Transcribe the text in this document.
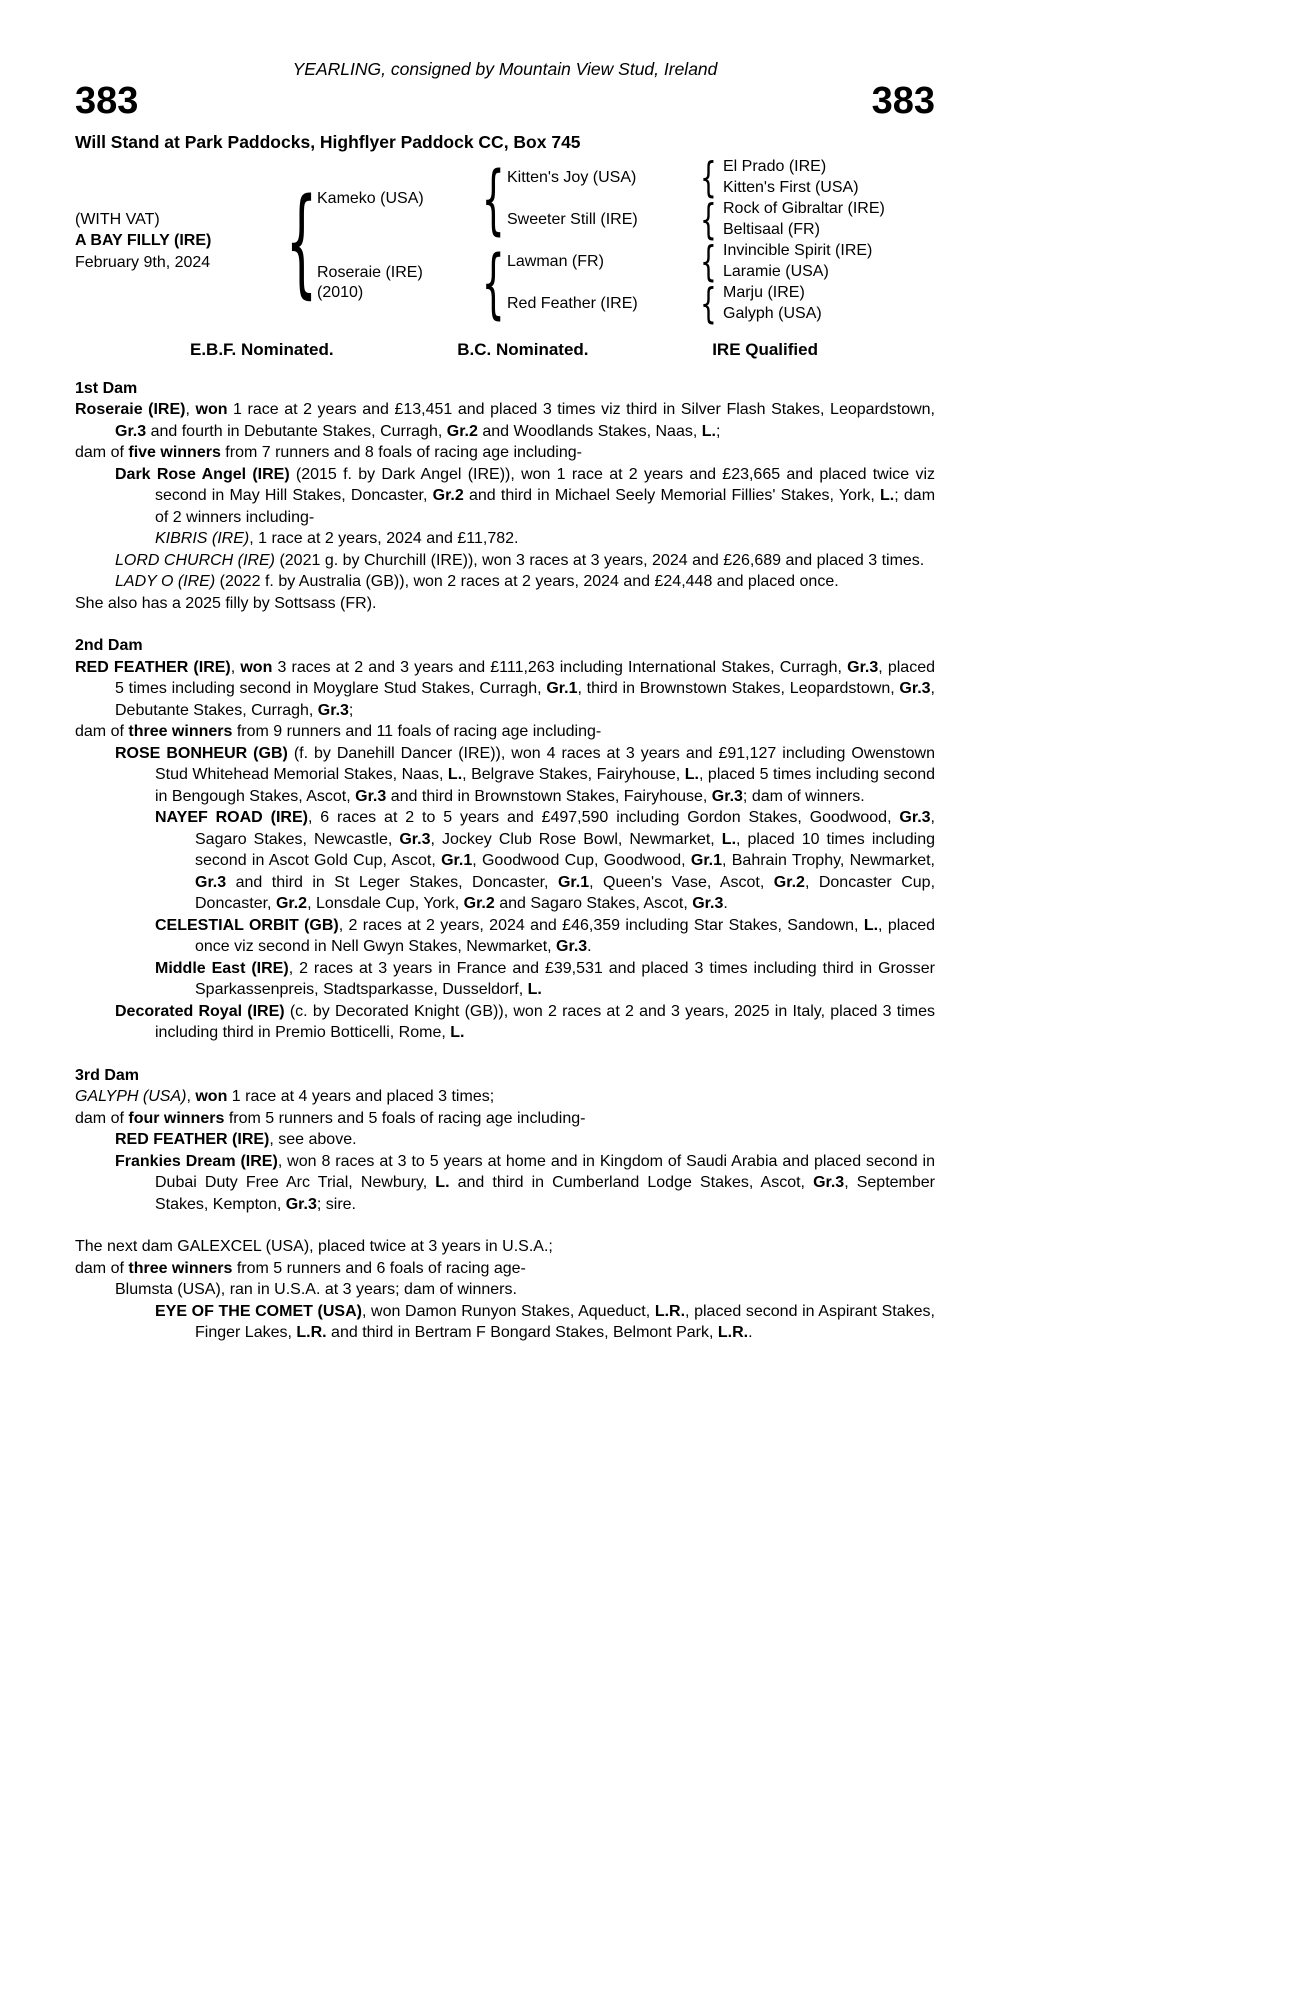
YEARLING, consigned by Mountain View Stud, Ireland
383	383
Will Stand at Park Paddocks, Highflyer Paddock CC, Box 745
(WITH VAT)
A BAY FILLY (IRE)
February 9th, 2024 { Kameko (USA) {
Roseraie (IRE)
(2010)	{
Kitten's Joy (USA)	{ El Prado (IRE)
Kitten's First (USA)
Sweeter Still (IRE)	{ Rock of Gibraltar (IRE)
Beltisaal (FR)
Lawman (FR)	{ Invincible Spirit (IRE)
Laramie (USA)
Red Feather (IRE)	{ Marju (IRE)
Galyph (USA)
E.B.F. Nominated.	B.C. Nominated.	IRE Qualified
1st Dam
Roseraie (IRE), won 1 race at 2 years and £13,451 and placed 3 times viz third in Silver Flash Stakes, Leopardstown, Gr.3 and fourth in Debutante Stakes, Curragh, Gr.2 and Woodlands Stakes, Naas, L.;
dam of five winners from 7 runners and 8 foals of racing age including-
Dark Rose Angel (IRE) (2015 f. by Dark Angel (IRE)), won 1 race at 2 years and £23,665 and placed twice viz second in May Hill Stakes, Doncaster, Gr.2 and third in Michael Seely Memorial Fillies' Stakes, York, L.; dam of 2 winners including-
KIBRIS (IRE), 1 race at 2 years, 2024 and £11,782.
LORD CHURCH (IRE) (2021 g. by Churchill (IRE)), won 3 races at 3 years, 2024 and £26,689 and placed 3 times.
LADY O (IRE) (2022 f. by Australia (GB)), won 2 races at 2 years, 2024 and £24,448 and placed once.
She also has a 2025 filly by Sottsass (FR).
2nd Dam
RED FEATHER (IRE), won 3 races at 2 and 3 years and £111,263 including International Stakes, Curragh, Gr.3, placed 5 times including second in Moyglare Stud Stakes, Curragh, Gr.1, third in Brownstown Stakes, Leopardstown, Gr.3, Debutante Stakes, Curragh, Gr.3;
dam of three winners from 9 runners and 11 foals of racing age including-
ROSE BONHEUR (GB) (f. by Danehill Dancer (IRE)), won 4 races at 3 years and £91,127 including Owenstown Stud Whitehead Memorial Stakes, Naas, L., Belgrave Stakes, Fairyhouse, L., placed 5 times including second in Bengough Stakes, Ascot, Gr.3 and third in Brownstown Stakes, Fairyhouse, Gr.3; dam of winners.
NAYEF ROAD (IRE), 6 races at 2 to 5 years and £497,590 including Gordon Stakes, Goodwood, Gr.3, Sagaro Stakes, Newcastle, Gr.3, Jockey Club Rose Bowl, Newmarket, L., placed 10 times including second in Ascot Gold Cup, Ascot, Gr.1, Goodwood Cup, Goodwood, Gr.1, Bahrain Trophy, Newmarket, Gr.3 and third in St Leger Stakes, Doncaster, Gr.1, Queen's Vase, Ascot, Gr.2, Doncaster Cup, Doncaster, Gr.2, Lonsdale Cup, York, Gr.2 and Sagaro Stakes, Ascot, Gr.3.
CELESTIAL ORBIT (GB), 2 races at 2 years, 2024 and £46,359 including Star Stakes, Sandown, L., placed once viz second in Nell Gwyn Stakes, Newmarket, Gr.3.
Middle East (IRE), 2 races at 3 years in France and £39,531 and placed 3 times including third in Grosser Sparkassenpreis, Stadtsparkasse, Dusseldorf, L.
Decorated Royal (IRE) (c. by Decorated Knight (GB)), won 2 races at 2 and 3 years, 2025 in Italy, placed 3 times including third in Premio Botticelli, Rome, L.
3rd Dam
GALYPH (USA), won 1 race at 4 years and placed 3 times;
dam of four winners from 5 runners and 5 foals of racing age including-
RED FEATHER (IRE), see above.
Frankies Dream (IRE), won 8 races at 3 to 5 years at home and in Kingdom of Saudi Arabia and placed second in Dubai Duty Free Arc Trial, Newbury, L. and third in Cumberland Lodge Stakes, Ascot, Gr.3, September Stakes, Kempton, Gr.3; sire.
The next dam GALEXCEL (USA), placed twice at 3 years in U.S.A.;
dam of three winners from 5 runners and 6 foals of racing age-
Blumsta (USA), ran in U.S.A. at 3 years; dam of winners.
EYE OF THE COMET (USA), won Damon Runyon Stakes, Aqueduct, L.R., placed second in Aspirant Stakes, Finger Lakes, L.R. and third in Bertram F Bongard Stakes, Belmont Park, L.R..
